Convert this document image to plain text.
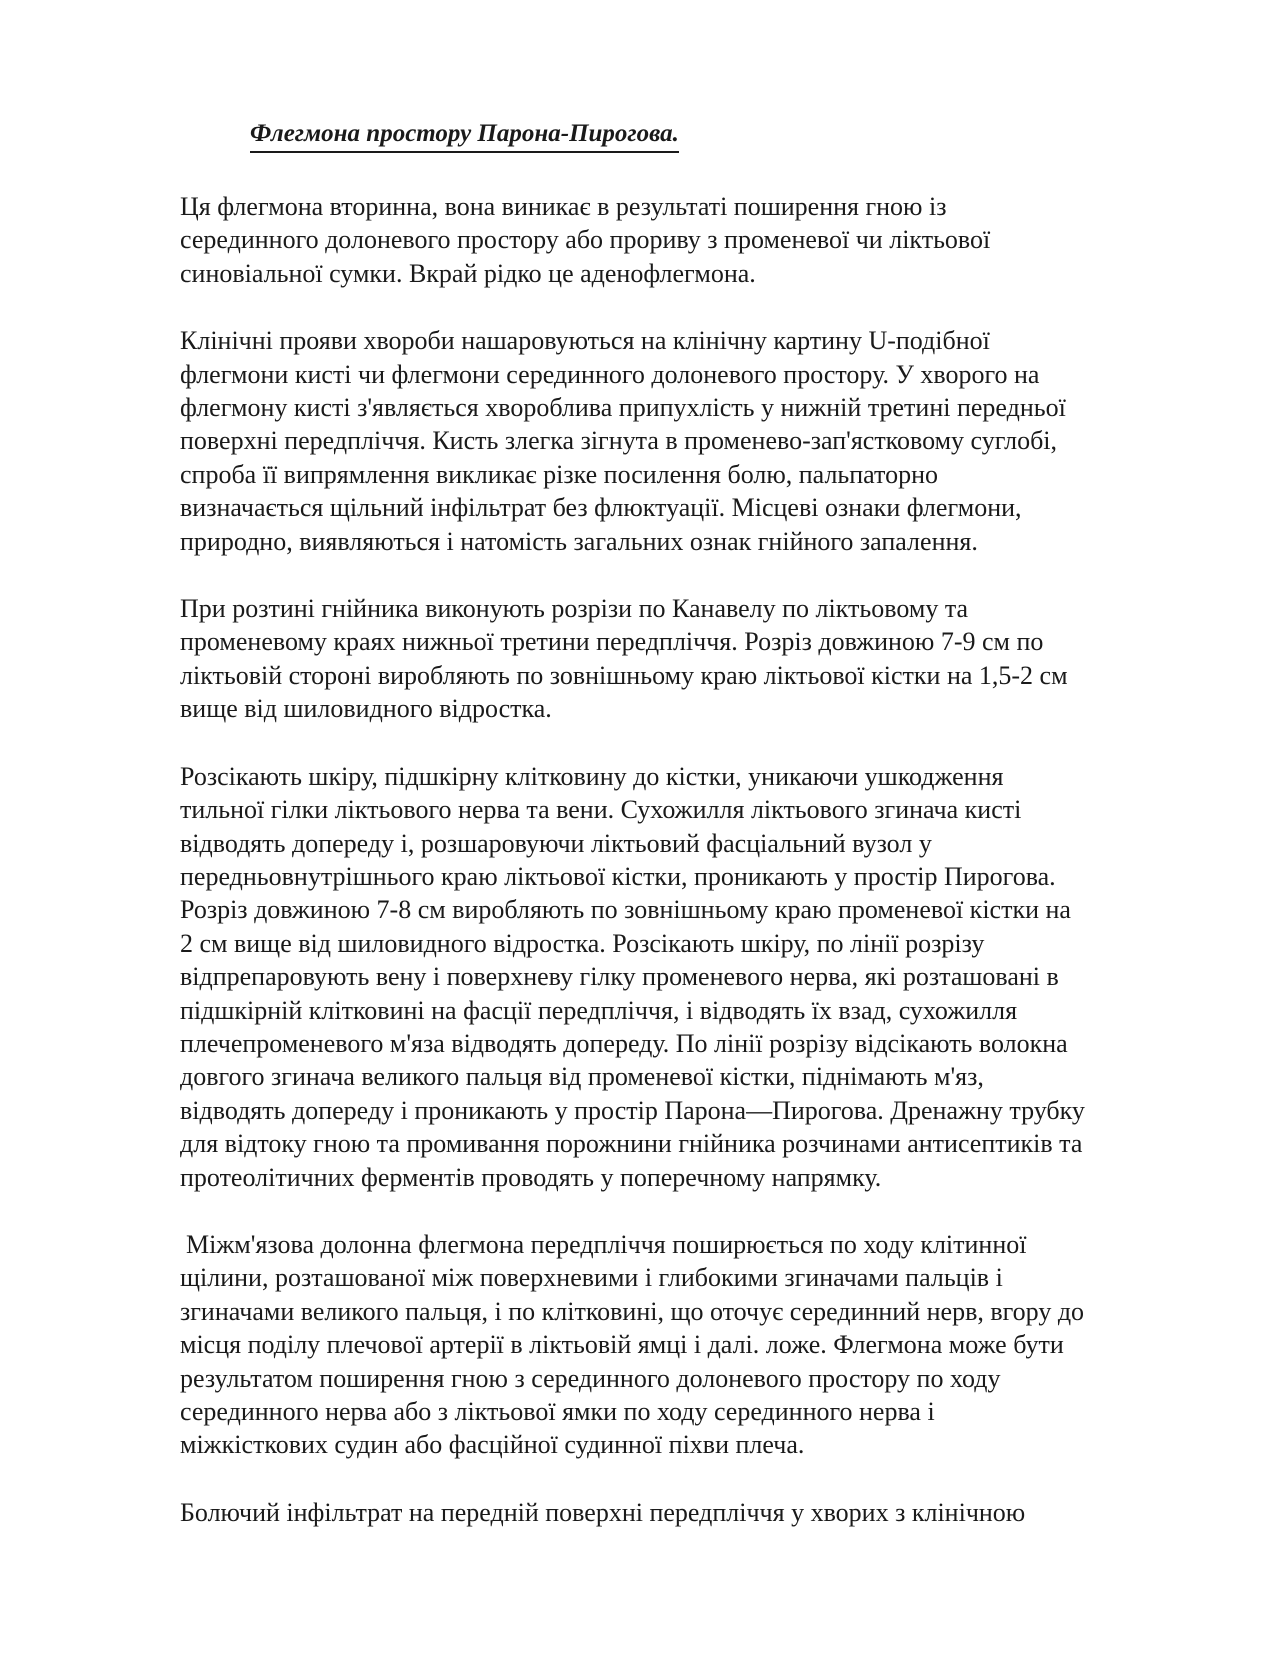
Флегмона простору Парона-Пирогова.

Ця флегмона вторинна, вона виникає в результаті поширення гною із
серединного долоневого простору або прориву з променевої чи ліктьової
синовіальної сумки. Вкрай рідко це аденофлегмона.

Клінічні прояви хвороби нашаровуються на клінічну картину U-подібної
флегмони кисті чи флегмони серединного долоневого простору. У хворого на
флегмону кисті з'являється хвороблива припухлість у нижній третині передньої
поверхні передпліччя. Кисть злегка зігнута в променево-зап'ястковому суглобі,
спроба її випрямлення викликає різке посилення болю, пальпаторно
визначається щільний інфільтрат без флюктуації. Місцеві ознаки флегмони,
природно, виявляються і натомість загальних ознак гнійного запалення.

При розтині гнійника виконують розрізи по Канавелу по ліктьовому та
променевому краях нижньої третини передпліччя. Розріз довжиною 7-9 см по
ліктьовій стороні виробляють по зовнішньому краю ліктьової кістки на 1,5-2 см
вище від шиловидного відростка.

Розсікають шкіру, підшкірну клітковину до кістки, уникаючи ушкодження
тильної гілки ліктьового нерва та вени. Сухожилля ліктьового згинача кисті
відводять допереду і, розшаровуючи ліктьовий фасціальний вузол у
передньовнутрішнього краю ліктьової кістки, проникають у простір Пирогова.
Розріз довжиною 7-8 см виробляють по зовнішньому краю променевої кістки на
2 см вище від шиловидного відростка. Розсікають шкіру, по лінії розрізу
відпрепаровують вену і поверхневу гілку променевого нерва, які розташовані в
підшкірній клітковині на фасції передпліччя, і відводять їх взад, сухожилля
плечепроменевого м'яза відводять допереду. По лінії розрізу відсікають волокна
довгого згинача великого пальця від променевої кістки, піднімають м'яз,
відводять допереду і проникають у простір Парона—Пирогова. Дренажну трубку
для відтоку гною та промивання порожнини гнійника розчинами антисептиків та
протеолітичних ферментів проводять у поперечному напрямку.

Міжм'язова долонна флегмона передпліччя поширюється по ходу клітинної
щілини, розташованої між поверхневими і глибокими згиначами пальців і
згиначами великого пальця, і по клітковині, що оточує серединний нерв, вгору до
місця поділу плечової артерії в ліктьовій ямці і далі. ложе. Флегмона може бути
результатом поширення гною з серединного долоневого простору по ходу
серединного нерва або з ліктьової ямки по ходу серединного нерва і
міжкісткових судин або фасційної судинної піхви плеча.

Болючий інфільтрат на передній поверхні передпліччя у хворих з клінічною
